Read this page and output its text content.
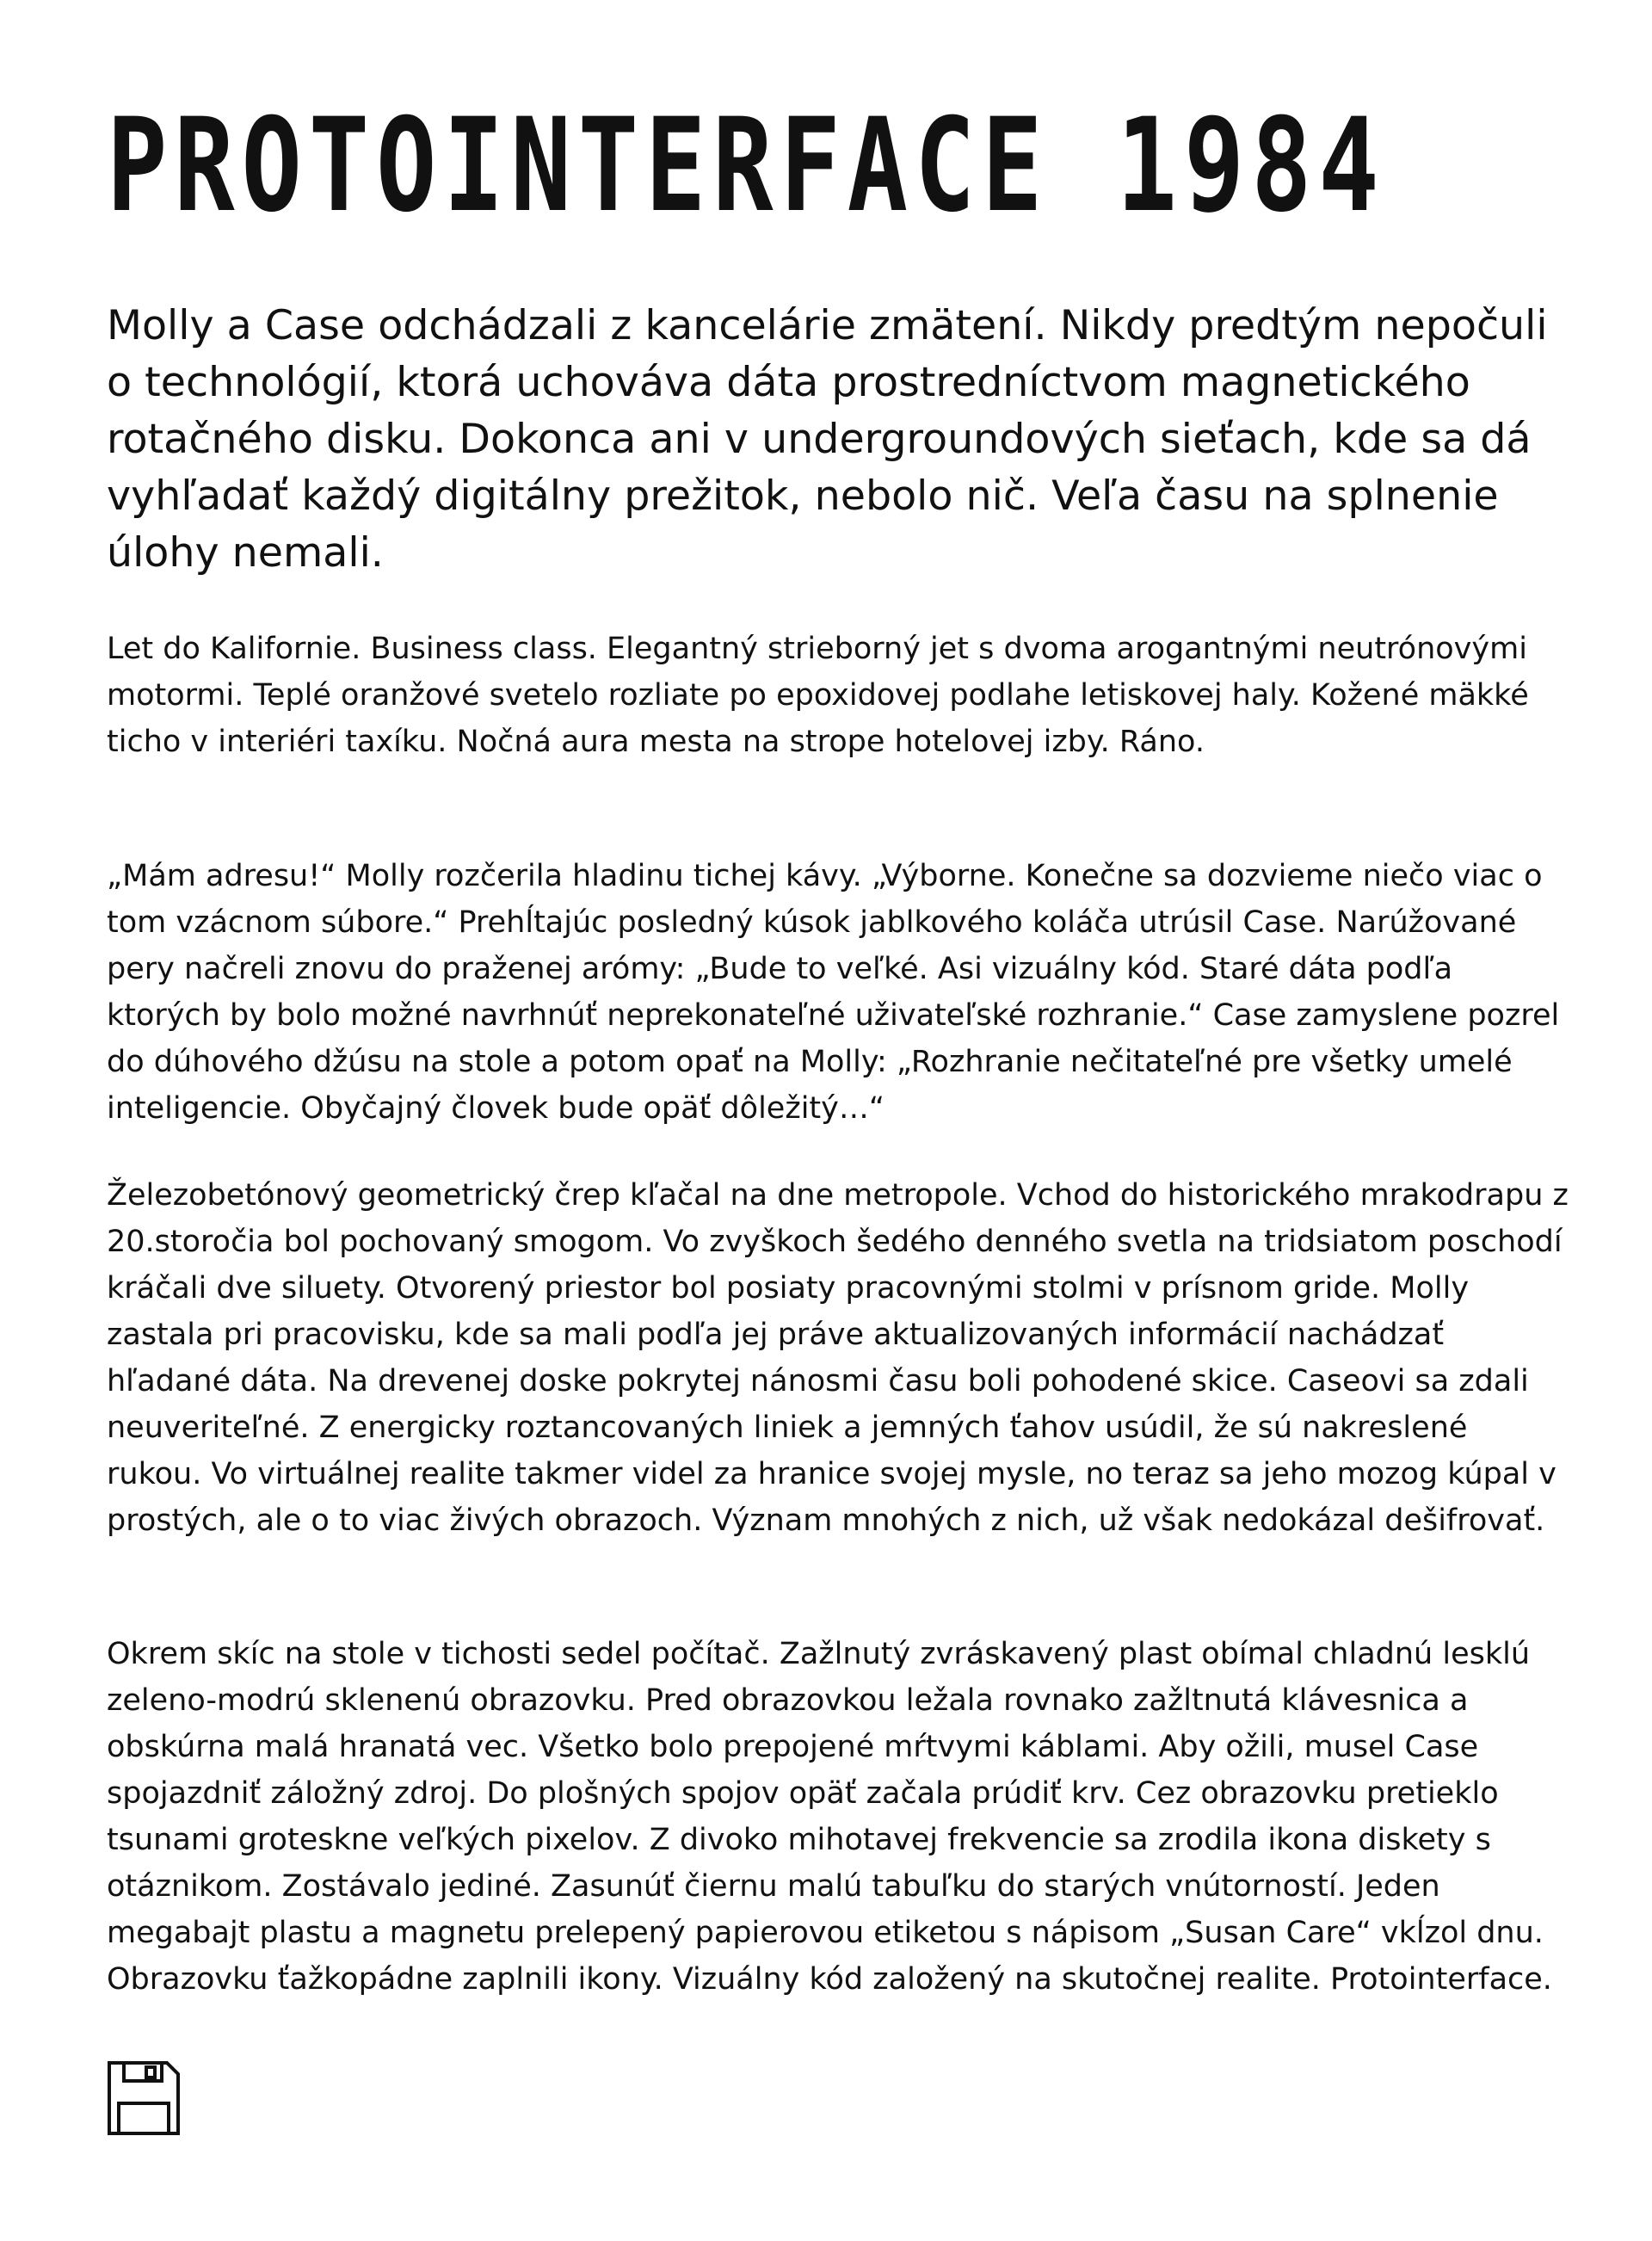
PROTOINTERFACE 1984

Molly a Case odchádzali z kancelárie zmätení. Nikdy predtým nepočuli o technológií, ktorá uchováva dáta prostredníctvom magnetického rotačného disku. Dokonca ani v undergroundových sieťach, kde sa dá vyhľadať každý digitálny prežitok, nebolo nič. Veľa času na splnenie úlohy nemali.

Let do Kalifornie. Business class. Elegantný strieborný jet s dvoma arogantnými neutrónovými motormi. Teplé oranžové svetelo rozliate po epoxidovej podlahe letiskovej haly. Kožené mäkké ticho v interiéri taxíku. Nočná aura mesta na strope hotelovej izby. Ráno.

„Mám adresu!“ Molly rozčerila hladinu tichej kávy. „Výborne. Konečne sa dozvieme niečo viac o tom vzácnom súbore.“ Prehĺtajúc posledný kúsok jablkového koláča utrúsil Case. Narúžované pery načreli znovu do praženej arómy: „Bude to veľké. Asi vizuálny kód. Staré dáta podľa ktorých by bolo možné navrhnúť neprekonateľné uživateľské rozhranie.“ Case zamyslene pozrel do dúhového džúsu na stole a potom opať na Molly: „Rozhranie nečitateľné pre všetky umelé inteligencie. Obyčajný človek bude opäť dôležitý…“

Železobetónový geometrický črep kľačal na dne metropole. Vchod do historického mrakodrapu z 20.storočia bol pochovaný smogom. Vo zvyškoch šedého denného svetla na tridsiatom poschodí kráčali dve siluety. Otvorený priestor bol posiaty pracovnými stolmi v prísnom gride. Molly zastala pri pracovisku, kde sa mali podľa jej práve aktualizovaných informácií nachádzať hľadané dáta. Na drevenej doske pokrytej nánosmi času boli pohodené skice. Caseovi sa zdali neuveriteľné. Z energicky roztancovaných liniek a jemných ťahov usúdil, že sú nakreslené rukou. Vo virtuálnej realite takmer videl za hranice svojej mysle, no teraz sa jeho mozog kúpal v prostých, ale o to viac živých obrazoch. Význam mnohých z nich, už však nedokázal dešifrovať.

Okrem skíc na stole v tichosti sedel počítač. Zažlnutý zvráskavený plast obímal chladnú lesklú zeleno-modrú sklenenú obrazovku. Pred obrazovkou ležala rovnako zažltnutá klávesnica a obskúrna malá hranatá vec. Všetko bolo prepojené mŕtvymi káblami. Aby ožili, musel Case spojazdniť záložný zdroj. Do plošných spojov opäť začala prúdiť krv. Cez obrazovku pretieklo tsunami groteskne veľkých pixelov. Z divoko mihotavej frekvencie sa zrodila ikona diskety s otáznikom. Zostávalo jediné. Zasunúť čiernu malú tabuľku do starých vnútorností. Jeden megabajt plastu a magnetu prelepený papierovou etiketou s nápisom „Susan Care“ vkĺzol dnu. Obrazovku ťažkopádne zaplnili ikony. Vizuálny kód založený na skutočnej realite. Protointerface.
